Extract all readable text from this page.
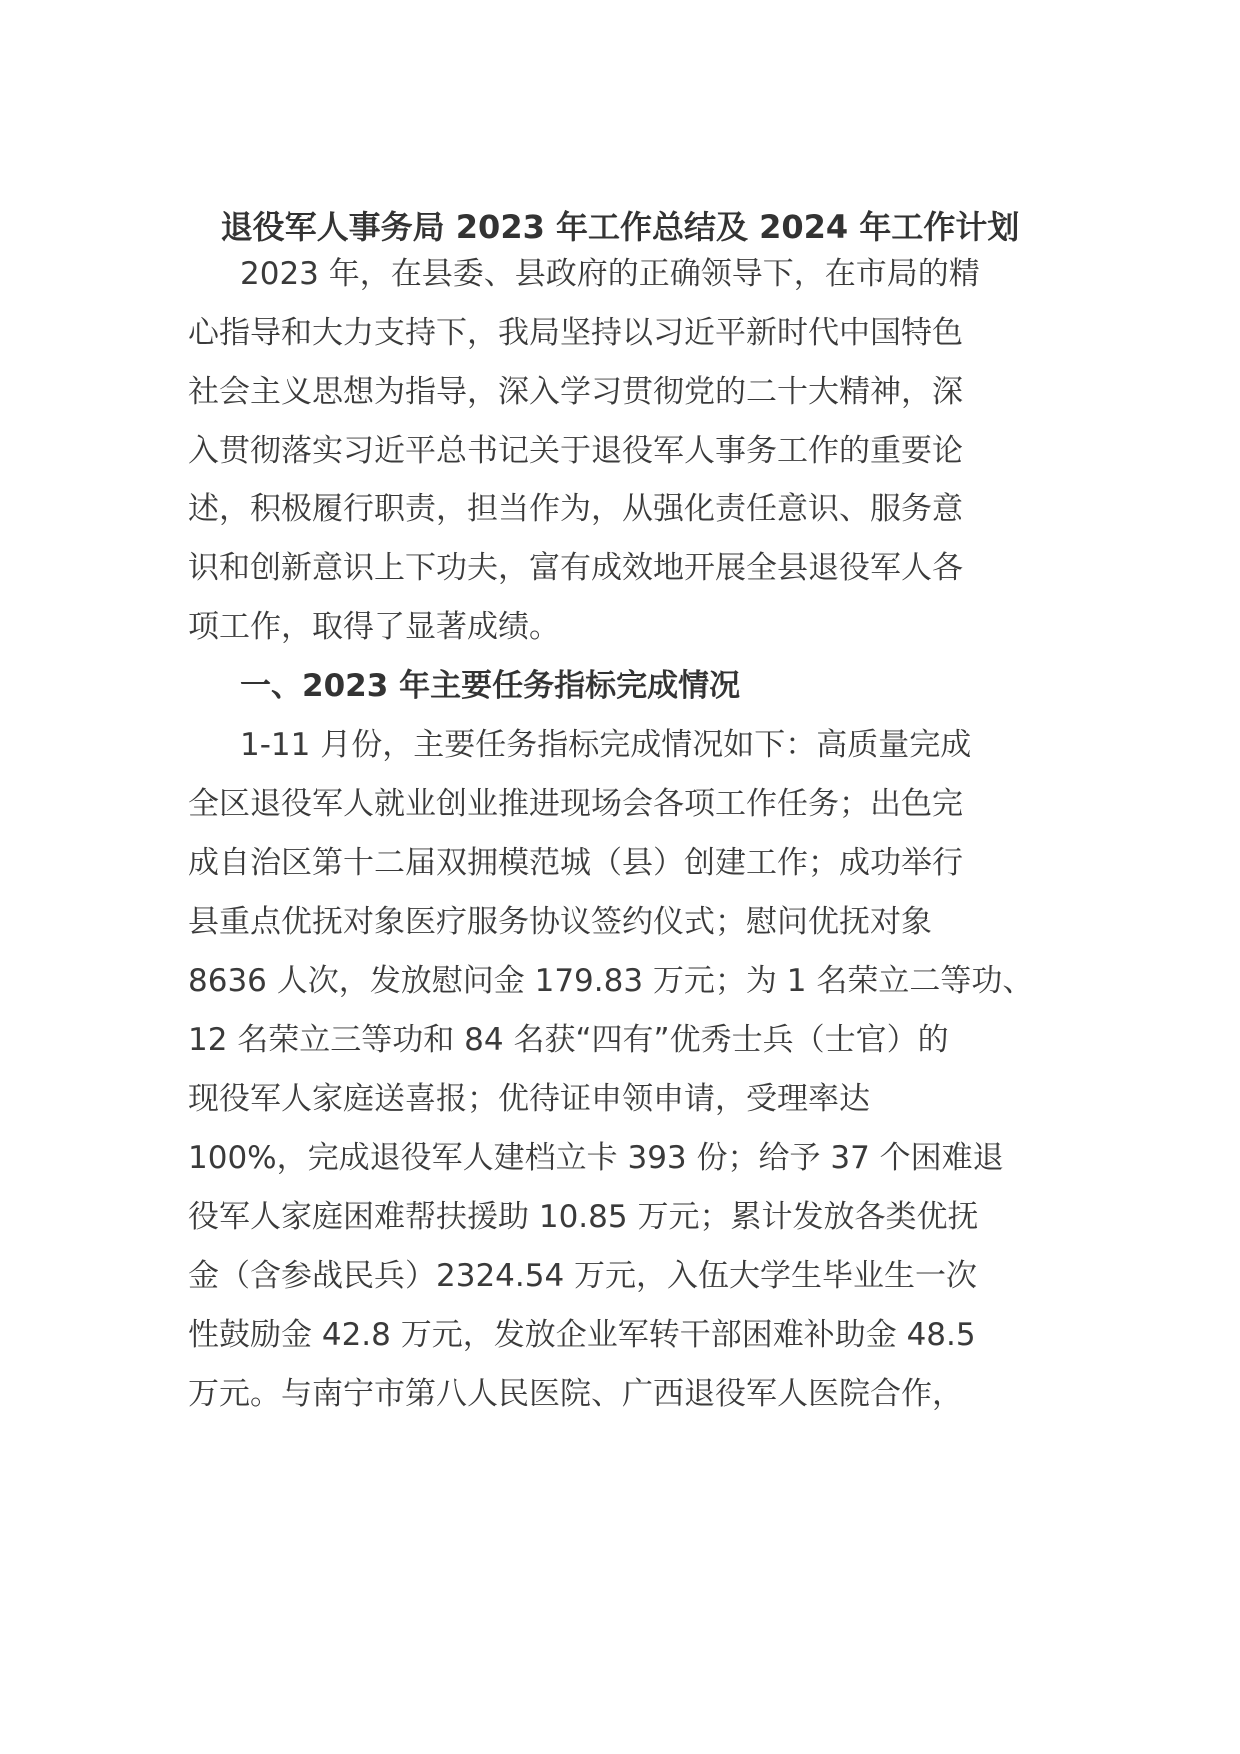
退役军人事务局 2023 年工作总结及 2024 年工作计划
2023 年，在县委、县政府的正确领导下，在市局的精
心指导和大力支持下，我局坚持以习近平新时代中国特色
社会主义思想为指导，深入学习贯彻党的二十大精神，深
入贯彻落实习近平总书记关于退役军人事务工作的重要论
述，积极履行职责，担当作为，从强化责任意识、服务意
识和创新意识上下功夫，富有成效地开展全县退役军人各
项工作，取得了显著成绩。
一、2023 年主要任务指标完成情况
1-11 月份，主要任务指标完成情况如下：高质量完成
全区退役军人就业创业推进现场会各项工作任务；出色完
成自治区第十二届双拥模范城（县）创建工作；成功举行
县重点优抚对象医疗服务协议签约仪式；慰问优抚对象
8636 人次，发放慰问金 179.83 万元；为 1 名荣立二等功、
12 名荣立三等功和 84 名获“四有”优秀士兵（士官）的
现役军人家庭送喜报；优待证申领申请，受理率达
100%，完成退役军人建档立卡 393 份；给予 37 个困难退
役军人家庭困难帮扶援助 10.85 万元；累计发放各类优抚
金（含参战民兵）2324.54 万元，入伍大学生毕业生一次
性鼓励金 42.8 万元，发放企业军转干部困难补助金 48.5
万元。与南宁市第八人民医院、广西退役军人医院合作，
